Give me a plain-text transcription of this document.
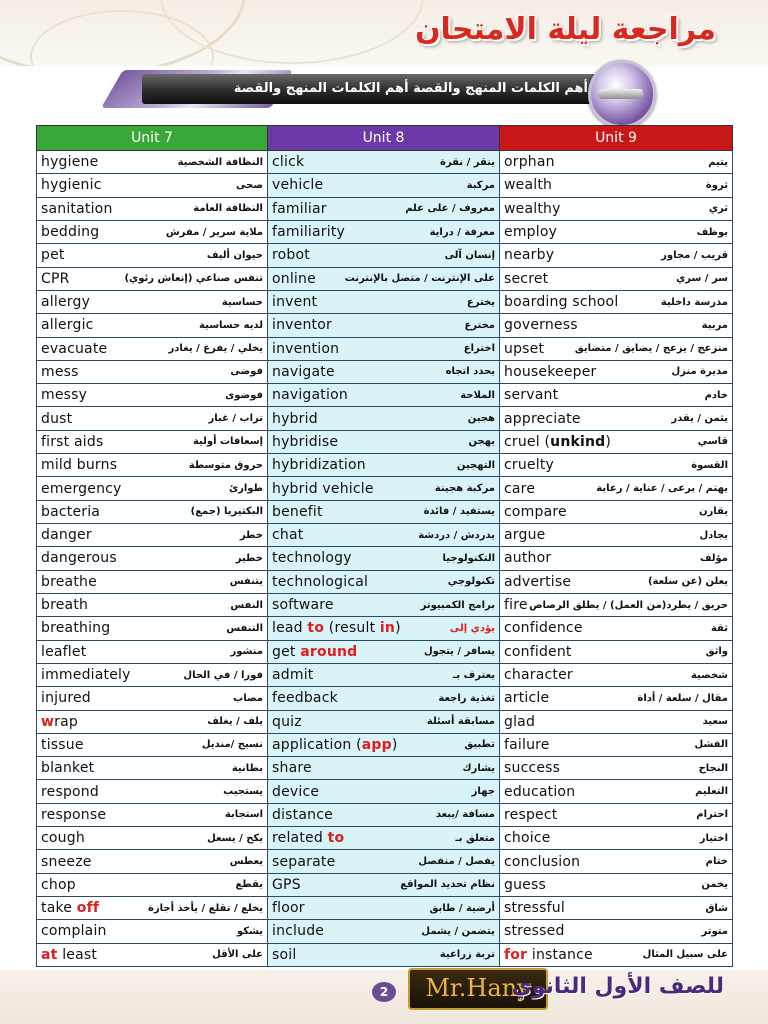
مراجعة ليلة الامتحان
أهم الكلمات المنهج والقصة أهم الكلمات المنهج والقصة
Unit 7	Unit 8	Unit 9

hygiene النظافة الشخصية	click ينقر / نقرة	orphan يتيم

hygienic صحى	vehicle مركبة	wealth ثروة

sanitation النظافة العامة	familiar معروف / على علم	wealthy ثري

bedding ملاية سرير / مفرش	familiarity معرفة / دراية	employ يوظف

pet حيوان أليف	robot إنسان آلى	nearby قريب / مجاور

CPR تنفس صناعي (إنعاش رئوي)	online على الإنترنت / متصل بالإنترنت	secret سر / سري

allergy حساسية	invent يخترع	boarding school مدرسة داخلية

allergic لديه حساسية	inventor مخترع	governess مربية

evacuate يخلي / يفرغ / يغادر	invention اختراع	upset منزعج / يزعج / يضايق / متضايق

mess فوضى	navigate يحدد اتجاه	housekeeper مديرة منزل

messy فوضوى	navigation الملاحة	servant خادم

dust تراب / غبار	hybrid هجين	appreciate يثمن / يقدر

first aids إسعافات أولية	hybridise يهجن	cruel (unkind) قاسي

mild burns حروق متوسطة	hybridization التهجين	cruelty القسوة

emergency طوارئ	hybrid vehicle مركبة هجينة	care يهتم / يرعى / عناية / رعاية

bacteria البكتيريا (جمع)	benefit يستفيد / فائدة	compare يقارن

danger خطر	chat يدردش / دردشة	argue يجادل

dangerous خطير	technology التكنولوجيا	author مؤلف

breathe يتنفس	technological تكنولوجي	advertise يعلن (عن سلعة)

breath النفس	software برامج الكمبيوتر	fire حريق / يطرد(من العمل) / يطلق الرصاص

breathing التنفس	lead to (result in) يؤدي إلى	confidence ثقة

leaflet منشور	get around يسافر / يتجول	confident واثق

immediately فورا / في الحال	admit يعترف بـ	character شخصية

injured مصاب	feedback تغذية راجعة	article مقال / سلعة / أداة

wrap يلف / يغلف	quiz مسابقة أسئلة	glad سعيد

tissue نسيج /منديل	application (app) تطبيق	failure الفشل

blanket بطانية	share يشارك	success النجاح

respond يستجيب	device جهاز	education التعليم

response استجابة	distance مسافة /يبعد	respect احترام

cough يكح / يسعل	related to متعلق بـ	choice اختيار

sneeze يعطس	separate يفصل / منفصل	conclusion ختام

chop يقطع	GPS نظام تحديد المواقع	guess يخمن

take off يخلع / تقلع / يأخذ أجازة	floor أرضية / طابق	stressful شاق

complain يشكو	include يتضمن / يشمل	stressed متوتر

at least على الأقل	soil تربة زراعية	for instance على سبيل المثال
2	Mr.Hany
للصف الأول الثانوي
